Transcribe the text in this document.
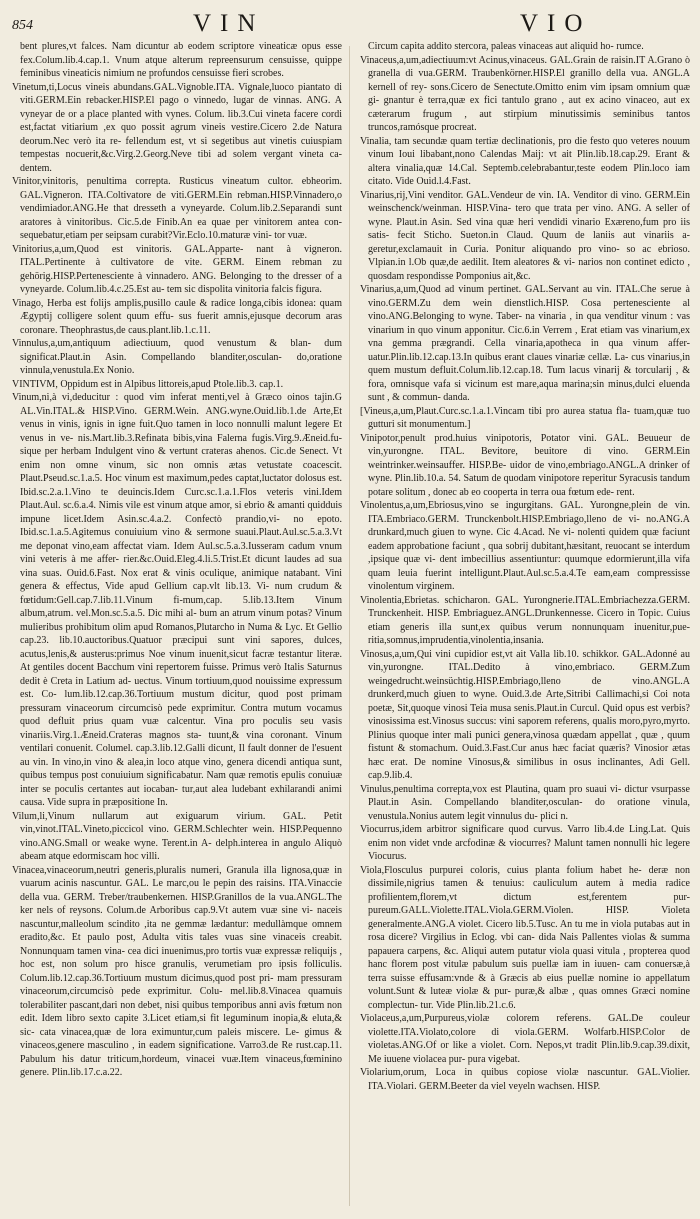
854	VIN	VIO

bent plures,vt falces. Nam dicuntur ab eodem scriptore vineaticæ opus esse fex.Colum.lib.4.cap.1. Vnum atque alterum repreensurum censuisse, quippe feminibus vineaticis nimium ne profundos censuisse fieri scrobes.

Vinetum,ti,Locus vineis abundans.GAL.Vignoble.ITA. Vignale,luoco piantato di viti.GERM.Ein rebacker.HISP.El pago o vinnedo, lugar de vinnas. ANG. A vyneyar de or a place planted with vynes. Colum. lib.3.Cui vineta facere cordi est,factat vitiarium ,ex quo possit agrum vineis vestire.Cicero 2.de Natura deorum.Nec verò ita re- fellendum est, vt si segetibus aut vinetis cuiuspiam tempestas nocuerit,&c.Virg.2.Georg.Neve tibi ad solem vergant vineta ca- dentem.

Vinitor,vinitoris, penultima correpta. Rusticus vineatum cultor. ebheorim. GAL.Vigneron. ITA.Coltivatore de viti.GERM.Ein rebman.HISP.Vinnadero,o vendimiador.ANG.He that dresseth a vyneyarde. Colum.lib.2.Separandi sunt aratores à vinitoribus. Cic.5.de Finib.An ea quae per vinitorem antea con- sequebatur,etiam per seipsam curabit?Vir.Eclo.10.maturæ vini- tor vuæ.

Vinitorius,a,um,Quod est vinitoris. GAL.Apparte- nant à vigneron. ITAL.Pertinente à cultivatore de vite. GERM. Einem rebman zu gehörig.HISP.Pertenesciente à vinnadero. ANG. Belonging to the dresser of a vyneyarde. Colum.lib.4.c.25.Est au- tem sic dispolita vinitoria falcis figura.

Vinago, Herba est folijs amplis,pusillo caule & radice longa,cibis idonea: quam Ægyptij colligere solent quum effu- sus fuerit amnis,ejusque decorum aras coronare. Theophrastus,de caus.plant.lib.1.c.11.

Vinnulus,a,um,antiquum adiectiuum, quod venustum & blan- dum significat.Plaut.in Asin. Compellando blanditer,osculan- do,oratione vinnula,venustula.Ex Nonio.

VINTIVM, Oppidum est in Alpibus littoreis,apud Ptole.lib.3. cap.1.

Vinum,ni,à vi,deducitur : quod vim inferat menti,vel à Græco oinos tajin.G AL.Vin.ITAL.& HISP.Vino. GERM.Wein. ANG.wyne.Ouid.lib.1.de Arte,Et venus in vinis, ignis in igne fuit.Quo tamen in loco nonnulli malunt legere Et venus in ve- nis.Mart.lib.3.Refinata bibis,vina Falerna fugis.Virg.9.Æneid.fu- sique per herbam Indulgent vino & vertunt crateras ahenos. Cic.de Senect. Vt enim non omne vinum, sic non omnis ætas vetustate coacescit. Plaut.Pseud.sc.1.a.5. Hoc vinum est maximum,pedes captat,luctator dolosus est. Ibid.sc.2.a.1.Vino te deuincis.Idem Curc.sc.1.a.1.Flos veteris vini.Idem Plaut.Aul. sc.6.a.4. Nimis vile est vinum atque amor, si ebrio & amanti quidduis impune licet.Idem Asin.sc.4.a.2. Confectò prandio,vi- no epoto. Ibid.sc.1.a.5.Agitemus conuiuium vino & sermone suaui.Plaut.Aul.sc.5.a.3.Vt me deponat vino,eam affectat viam. Idem Aul.sc.5.a.3.Iusseram cadum vnum vini veteris à me affer- rier.&c.Ouid.Eleg.4.li.5.Trist.Et dicunt laudes ad sua vina suas. Ouid.6.Fast. Nox erat & vinis oculique, animique natabant. Vini genera & effectus, Vide apud Gellium cap.vlt lib.13. Vi- num crudum & fœtidum:Gell.cap.7.lib.11.Vinum fi-mum,cap. 5.lib.13.Item Vinum album,atrum. vel.Mon.sc.5.a.5. Dic mihi al- bum an atrum vinum potas? Vinum mulieribus prohibitum olim apud Romanos,Plutarcho in Numa & Lyc. Et Gellio cap.23. lib.10.auctoribus.Quatuor præcipui sunt vini sapores, dulces, acutus,lenis,& austerus:primus Noe vinum inuenit,sicut facræ testantur literæ. At gentiles docent Bacchum vini repertorem fuisse. Primus verò Italis Saturnus dedit è Creta in Latium ad- uectus. Vinum tortiuum,quod nouissime expressum est. Co- lum.lib.12.cap.36.Tortiuum mustum dicitur, quod post primam pressuram vinaceorum circumcisò pede exprimitur. Contra mutum vocamus quod defluit prius quam vuæ calcentur. Vina pro poculis seu vasis vinariis.Virg.1.Æneid.Crateras magnos sta- tuunt,& vina coronant. Vinum ventilari conuenit. Columel. cap.3.lib.12.Galli dicunt, Il fault donner de l'esuent au vin. In vino,in vino & alea,in loco atque vino, genera dicendi antiqua sunt, quibus tempus post conuiuium significabatur. Nam quæ remotis epulis conuiuæ inter se poculis certantes aut iocaban- tur,aut alea ludebant exhilarandi animi causa. Vide supra in præpositione In.

Vilum,li,Vinum nullarum aut exiguarum virium. GAL. Petit vin,vinot.ITAL.Vineto,piccicol vino. GERM.Schlechter wein. HISP.Pequenno vino.ANG.Small or weake wyne. Terent.in A- delph.interea in angulo Aliquò abeam atque edormiscam hoc villi.

Vinacea,vinaceorum,neutri generis,pluralis numeri, Granula illa lignosa,quæ in vuarum acinis nascuntur. GAL. Le marc,ou le pepin des raisins. ITA.Vinaccie della vua. GERM. Treber/traubenkernen. HISP.Granillos de la vua.ANGL.The ker nels of reysons. Colum.de Arboribus cap.9.Vt autem vuæ sine vi- naceis nascuntur,malleolum scindito ,ita ne gemmæ lædantur: medullàmque omnem eradito,&c. Et paulo post, Adulta vitis tales vuas sine vinaceis creabit. Nonnunquam tamen vina- cea dici inuenimus,pro tortis vuæ expressæ reliquijs , hoc est, non solum pro hisce granulis, verumetiam pro ipsis folliculis. Colum.lib.12.cap.36.Tortiuum mustum dicimus,quod post pri- mam pressuram vinaceorum,circumcisò pede exprimitur. Colu- mel.lib.8.Vinacea quamuis tolerabiliter pascant,dari non debet, nisi quibus temporibus anni avis fœtum non edit. Idem libro sexto capite 3.Licet etiam,si fit leguminum inopia,& eluta,& sic- cata vinacea,quæ de lora eximuntur,cum paleis miscere. Le- gimus & vinaceos,genere masculino , in eadem significatione. Varro3.de Re rust.cap.11. Pabulum his datur triticum,hordeum, vinacei vuæ.Item vinaceus,fœminino genere. Plin.lib.17.c.a.22.

Circum capita addito stercora, paleas vinaceas aut aliquid ho- rumce.

Vinaceus,a,um,adiectiuum:vt Acinus,vinaceus. GAL.Grain de raisin.IT A.Grano ò granella di vua.GERM. Traubenkörner.HISP.El granillo della vua. ANGL.A kernell of rey- sons.Cicero de Senectute.Omitto enim vim ipsam omnium quæ gi- gnantur è terra,quæ ex fici tantulo grano , aut ex acino vinaceo, aut ex cæterarum frugum , aut stirpium minutissimis seminibus tantos truncos,ramósque procreat.

Vinalia, tam secundæ quam tertiæ declinationis, pro die festo quo veteres nouum vinum Ioui libabant,nono Calendas Maij: vt ait Plin.lib.18.cap.29. Erant & altera vinalia,quæ 14.Cal. Septemb.celebrabantur,teste eodem Plin.loco iam citato. Vide Ouid.l.4.Fast.

Vinarius,rij,Vini venditor. GAL.Vendeur de vin. IA. Venditor di vino. GERM.Ein weinschenck/weinman. HISP.Vina- tero que trata per vino. ANG. A seller of wyne. Plaut.in Asin. Sed vina quæ heri vendidi vinario Exæreno,fum pro iis satis- fecit Sticho. Sueton.in Claud. Quum de laniis aut vinariis a- geretur,exclamauit in Curia. Ponitur aliquando pro vino- so ac ebrioso. Vlpian.in l.Ob quæ,de aedilit. Item aleatores & vi- narios non continet edicto , quosdam respondisse Pomponius ait,&c.

Vinarius,a,um,Quod ad vinum pertinet. GAL.Servant au vin. ITAL.Che serue à vino.GERM.Zu dem wein dienstlich.HISP. Cosa pertenesciente al vino.ANG.Belonging to wyne. Taber- na vinaria , in qua venditur vinum : vas vinarium in quo vinum apponitur. Cic.6.in Verrem , Erat etiam vas vinarium,ex vna gemma prægrandi. Cella vinaria,apotheca in qua vinum affer- uatur.Plin.lib.12.cap.13.In quibus erant claues vinariæ cellæ. La- cus vinarius,in quem mustum defluit.Colum.lib.12.cap.18. Tum lacus vinarij & torcularij , & fora, omnisque vafa si vicinum est mare,aqua marina;sin minus,dulci eluenda sunt , & commun- danda.

[Vineus,a,um,Plaut.Curc.sc.1.a.1.Vincam tibi pro aurea statua fla- tuam,quæ tuo gutturi sit monumentum.]

Vinipotor,penult prod.huius vinipotoris, Potator vini. GAL. Beuueur de vin,yurongne. ITAL. Bevitore, beuitore di vino. GERM.Ein weintrinker.weinsauffer. HISP.Be- uidor de vino,embriago.ANGL.A drinker of wyne. Plin.lib.10.a. 54. Satum de quodam vinipotore reperitur Syracusis tandum potare solitum , donec ab eo cooperta in terra oua fœtum ede- rent.

Vinolentus,a,um,Ebriosus,vino se ingurgitans. GAL. Yurongne,plein de vin. ITA.Embriaco.GERM. Trunckenbolt.HISP.Embriago,lleno de vi- no.ANG.A drunkard,much giuen to wyne. Cic 4.Acad. Ne vi- nolenti quidem quæ faciunt eadem approbatione faciunt , qua sobrij dubitant,hæsitant, reuocant se interdum ,ipsique quæ vi- dent imbecillius assentiuntur: quumque edormierunt,illa vifa quam leuia fuerint intelligunt.Plaut.Aul.sc.5.a.4.Te eam,eam compressisse vinolentum virginem.

Vinolentia,Ebrietas. schicharon. GAL. Yurongnerie.ITAL.Embriachezza.GERM. Trunckenheit. HISP. Embriaguez.ANGL.Drunkennesse. Cicero in Topic. Cuius etiam generis illa sunt,ex quibus verum nonnunquam inuenitur,pue- ritia,somnus,imprudentia,vinolentia,insania.

Vinosus,a,um,Qui vini cupidior est,vt ait Valla lib.10. schikkor. GAL.Adonné au vin,yurongne. ITAL.Dedito à vino,embriaco. GERM.Zum weingedrucht.weinsüchtig.HISP.Embriago,lleno de vino.ANGL.A drunkerd,much giuen to wyne. Ouid.3.de Arte,Sitribi Callimachi,si Coi nota poetæ, Sit,quoque vinosi Teia musa senis.Plaut.in Curcul. Quid opus est verbis?vinosissima est.Vinosus succus: vini saporem referens, qualis moro,pyro,myrto. Plinius quoque inter mali punici genera,vinosa quædam appellat , quæ , quum fistunt & stomachum. Ouid.3.Fast.Cur anus hæc faciat quæris? Vinosior ætas hæc erat. De nomine Vinosus,& similibus in osus inclinantes, Adi Gell. cap.9.lib.4.

Vinulus,penultima correpta,vox est Plautina, quam pro suaui vi- dictur vsurpasse Plaut.in Asin. Compellando blanditer,osculan- do oratione vinula, venustula.Nonius autem legit vinnulus du- plici n.

Viocurrus,idem arbitror significare quod curvus. Varro lib.4.de Ling.Lat. Quis enim non videt vnde arcfodinæ & viocurres? Malunt tamen nonnulli hic legere Viocurus.

Viola,Flosculus purpurei coloris, cuius planta folium habet he- deræ non dissimile,nigrius tamen & tenuius: cauliculum autem à media radice profilientem,florem,vt dictum est,ferentem pur- pureum.GALL.Violette.ITAL.Viola.GERM.Violen. HISP. Violeta generalmente.ANG.A violet. Cicero lib.5.Tusc. An tu me in viola putabas aut in rosa dicere? Virgilius in Eclog. vbi can- dida Nais Pallentes violas & summa papauera carpens, &c. Aliqui autem putatur viola quasi vitula , propterea quod hanc florem post vitulæ pabulum suis puellæ iam in iuuen- cam conuersæ,à terra suisse effusam:vnde & à Græcis ab eius puellæ nomine io appellatum volunt.Sunt & luteæ violæ & pur- puræ,& albæ , quas omnes Græci nomine complectun- tur. Vide Plin.lib.21.c.6.

Violaceus,a,um,Purpureus,violæ colorem referens. GAL.De couleur violette.ITA.Violato,colore di viola.GERM. Wolfarb.HISP.Color de violetas.ANG.Of or like a violet. Corn. Nepos,vt tradit Plin.lib.9.cap.39.dixit, Me iuuene violacea pur- pura vigebat.

Violarium,orum, Loca in quibus copiose violæ nascuntur. GAL.Violier. ITA.Violari. GERM.Beeter da viel veyeln wachsen. HISP.
